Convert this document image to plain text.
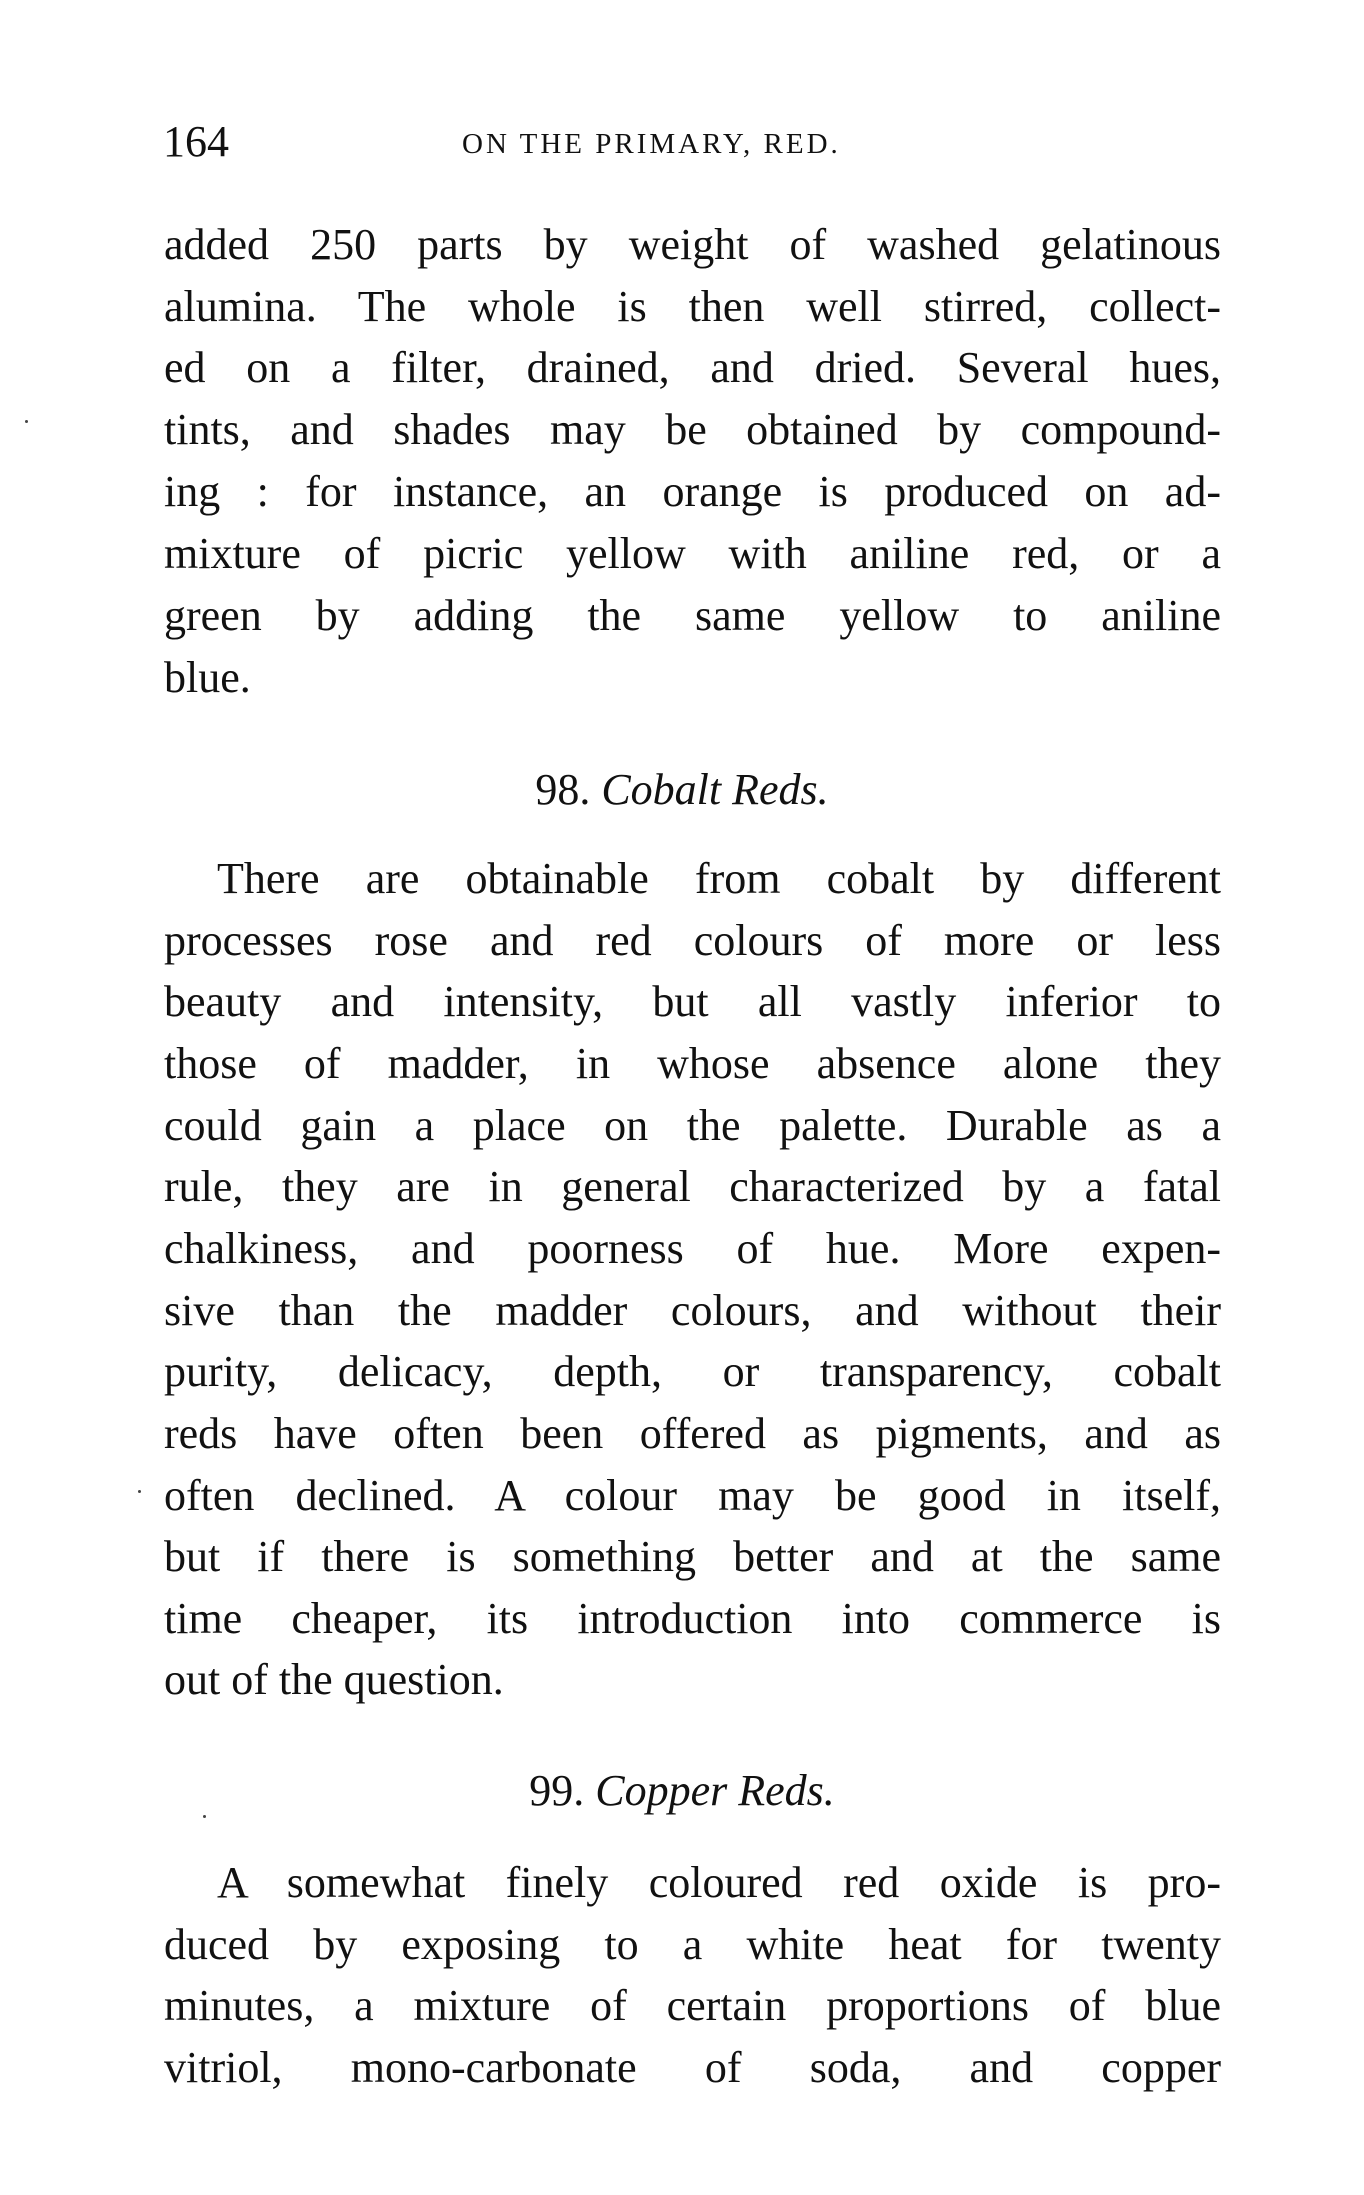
164	ON THE PRIMARY, RED.
added 250 parts by weight of washed gelatinous
alumina. The whole is then well stirred, collect-
ed on a filter, drained, and dried. Several hues,
tints, and shades may be obtained by compound-
ing : for instance, an orange is produced on ad-
mixture of picric yellow with aniline red, or a
green by adding the same yellow to aniline
blue.
98. Cobalt Reds.
There are obtainable from cobalt by different
processes rose and red colours of more or less
beauty and intensity, but all vastly inferior to
those of madder, in whose absence alone they
could gain a place on the palette. Durable as a
rule, they are in general characterized by a fatal
chalkiness, and poorness of hue. More expen-
sive than the madder colours, and without their
purity, delicacy, depth, or transparency, cobalt
reds have often been offered as pigments, and as
often declined. A colour may be good in itself,
but if there is something better and at the same
time cheaper, its introduction into commerce is
out of the question.
99. Copper Reds.
A somewhat finely coloured red oxide is pro-
duced by exposing to a white heat for twenty
minutes, a mixture of certain proportions of blue
vitriol, mono-carbonate of soda, and copper
